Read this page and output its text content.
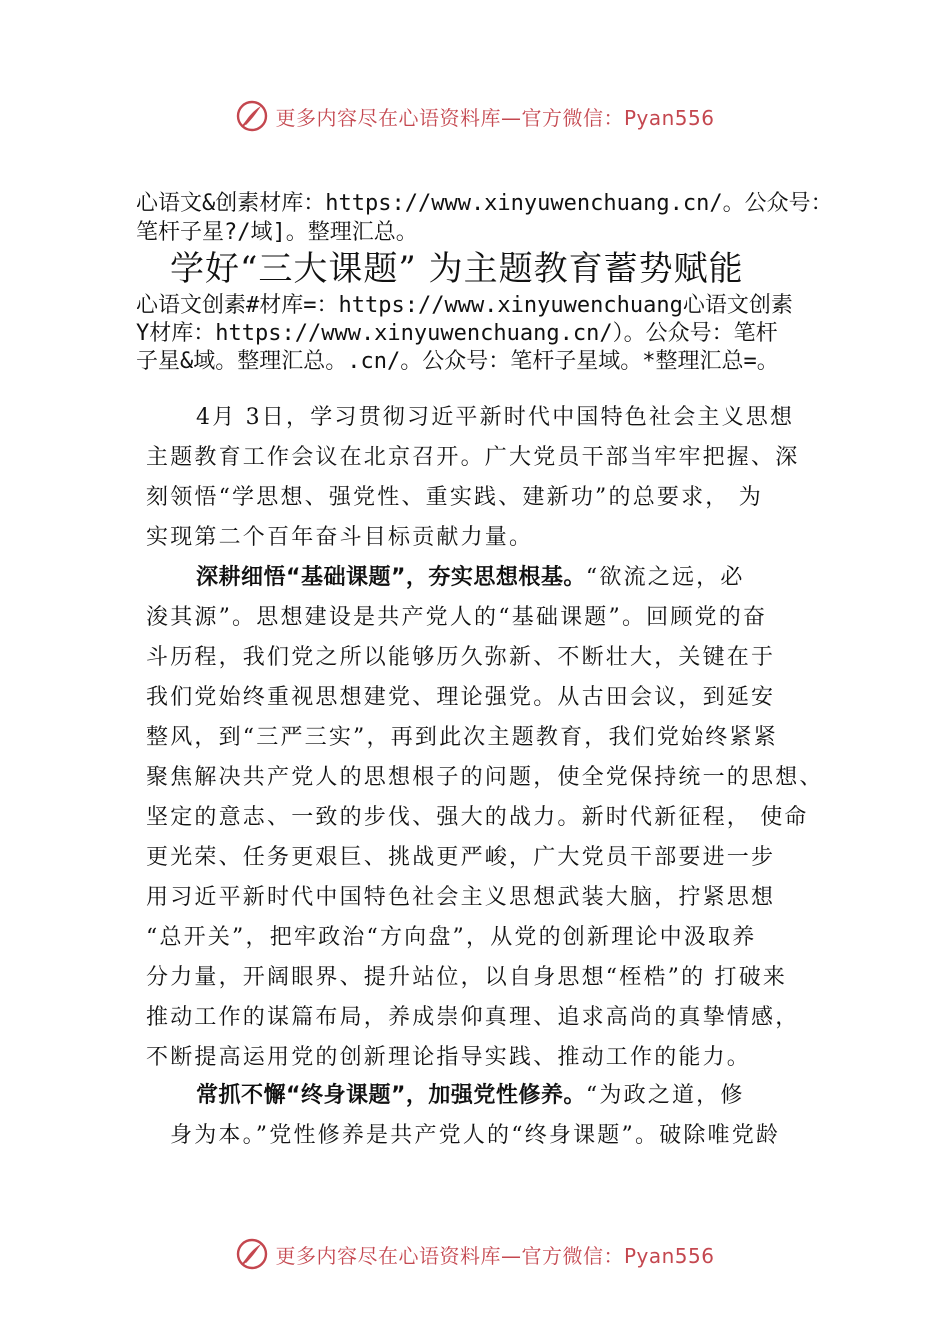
更多内容尽在心语资料库—官方微信：Pyan556
心语文&创素材库：https://www.xinyuwenchuang.cn/。公众号：
笔杆子星?/域]。整理汇总。
学好“三大课题” 为主题教育蓄势赋能
心语文创素#材库=：https://www.xinyuwenchuang心语文创素
Y材库：https://www.xinyuwenchuang.cn/）。公众号：笔杆
子星&域。整理汇总。.cn/。公众号：笔杆子星域。*整理汇总=。
4月 3日，学习贯彻习近平新时代中国特色社会主义思想
主题教育工作会议在北京召开。广大党员干部当牢牢把握、深
刻领悟“学思想、强党性、重实践、建新功”的总要求， 为
实现第二个百年奋斗目标贡献力量。
深耕细悟“基础课题”，夯实思想根基。“欲流之远，必
浚其源”。思想建设是共产党人的“基础课题”。回顾党的奋
斗历程，我们党之所以能够历久弥新、不断壮大，关键在于
我们党始终重视思想建党、理论强党。从古田会议，到延安
整风，到“三严三实”，再到此次主题教育，我们党始终紧紧
聚焦解决共产党人的思想根子的问题，使全党保持统一的思想、
坚定的意志、一致的步伐、强大的战力。新时代新征程， 使命
更光荣、任务更艰巨、挑战更严峻，广大党员干部要进一步
用习近平新时代中国特色社会主义思想武装大脑，拧紧思想
“总开关”，把牢政治“方向盘”，从党的创新理论中汲取养
分力量，开阔眼界、提升站位，以自身思想“桎梏”的 打破来
推动工作的谋篇布局，养成崇仰真理、追求高尚的真挚情感，
不断提高运用党的创新理论指导实践、推动工作的能力。
常抓不懈“终身课题”，加强党性修养。“为政之道，修
身为本。”党性修养是共产党人的“终身课题”。破除唯党龄
更多内容尽在心语资料库—官方微信：Pyan556
